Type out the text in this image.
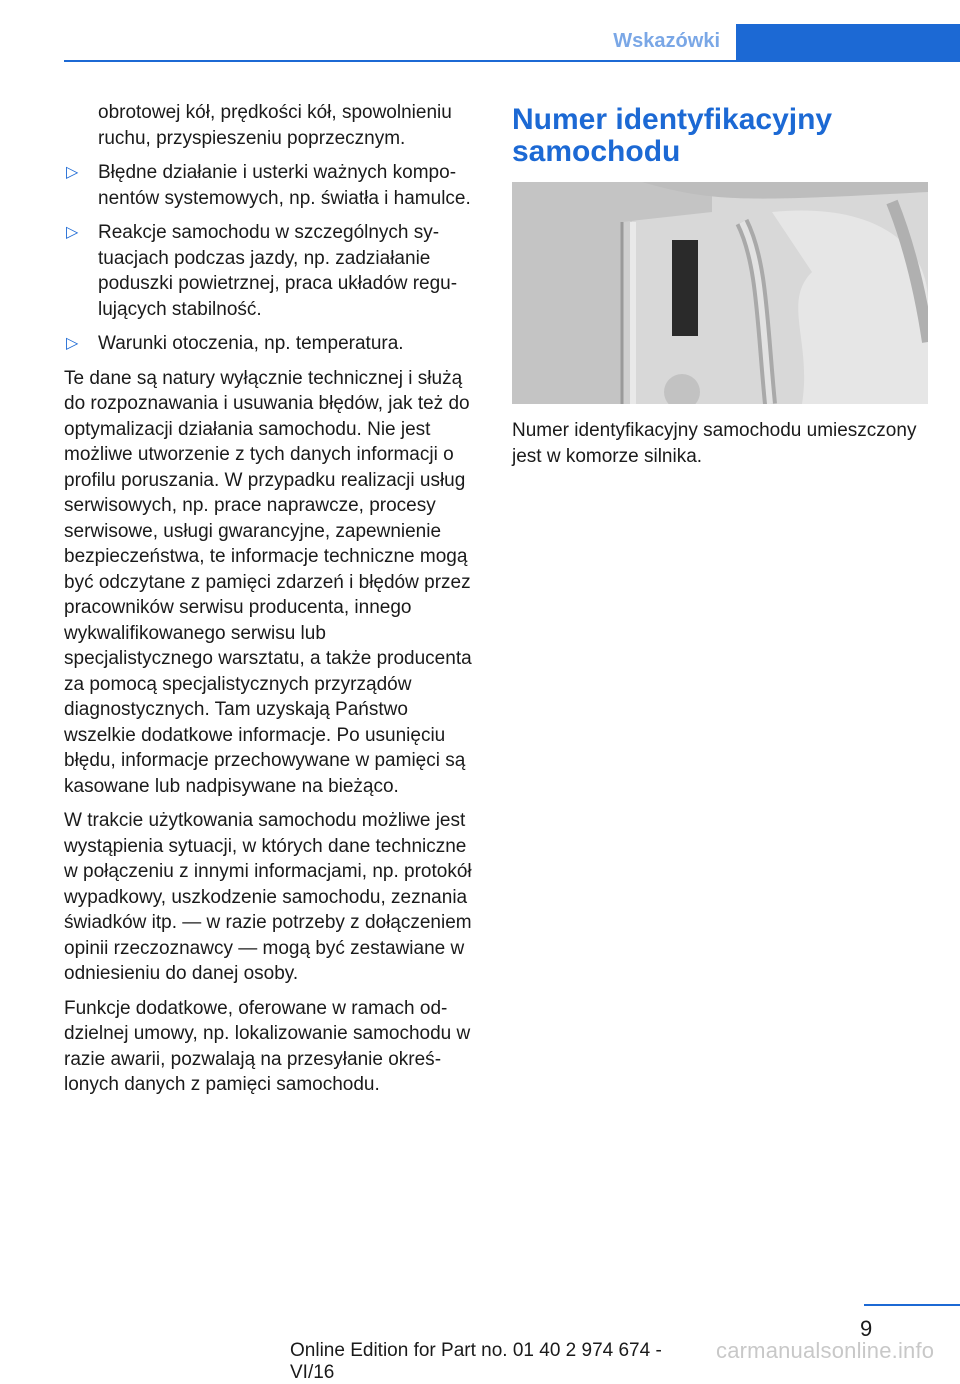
Wskazówki

obrotowej kół, prędkości kół, spowolnieniu ruchu, przyspieszeniu poprzecznym.

▷ Błędne działanie i usterki ważnych komponentów systemowych, np. światła i hamulce.
▷ Reakcje samochodu w szczególnych sytuacjach podczas jazdy, np. zadziałanie poduszki powietrznej, praca układów regulujących stabilność.
▷ Warunki otoczenia, np. temperatura.

Te dane są natury wyłącznie technicznej i służą do rozpoznawania i usuwania błędów, jak też do optymalizacji działania samochodu. Nie jest możliwe utworzenie z tych danych informacji o profilu poruszania. W przypadku realizacji usług serwisowych, np. prace naprawcze, procesy serwisowe, usługi gwarancyjne, zapewnienie bezpieczeństwa, te informacje techniczne mogą być odczytane z pamięci zdarzeń i błędów przez pracowników serwisu producenta, innego wykwalifikowanego serwisu lub specjalistycznego warsztatu, a także producenta za pomocą specjalistycznych przyrządów diagnostycznych. Tam uzyskają Państwo wszelkie dodatkowe informacje. Po usunięciu błędu, informacje przechowywane w pamięci są kasowane lub nadpisywane na bieżąco.

W trakcie użytkowania samochodu możliwe jest wystąpienia sytuacji, w których dane techniczne w połączeniu z innymi informacjami, np. protokół wypadkowy, uszkodzenie samochodu, zeznania świadków itp. — w razie potrzeby z dołączeniem opinii rzeczoznawcy — mogą być zestawiane w odniesieniu do danej osoby.

Funkcje dodatkowe, oferowane w ramach oddzielnej umowy, np. lokalizowanie samochodu w razie awarii, pozwalają na przesyłanie określonych danych z pamięci samochodu.

Numer identyfikacyjny samochodu

Numer identyfikacyjny samochodu umieszczony jest w komorze silnika.

9
Online Edition for Part no. 01 40 2 974 674 - VI/16
carmanualsonline.info
